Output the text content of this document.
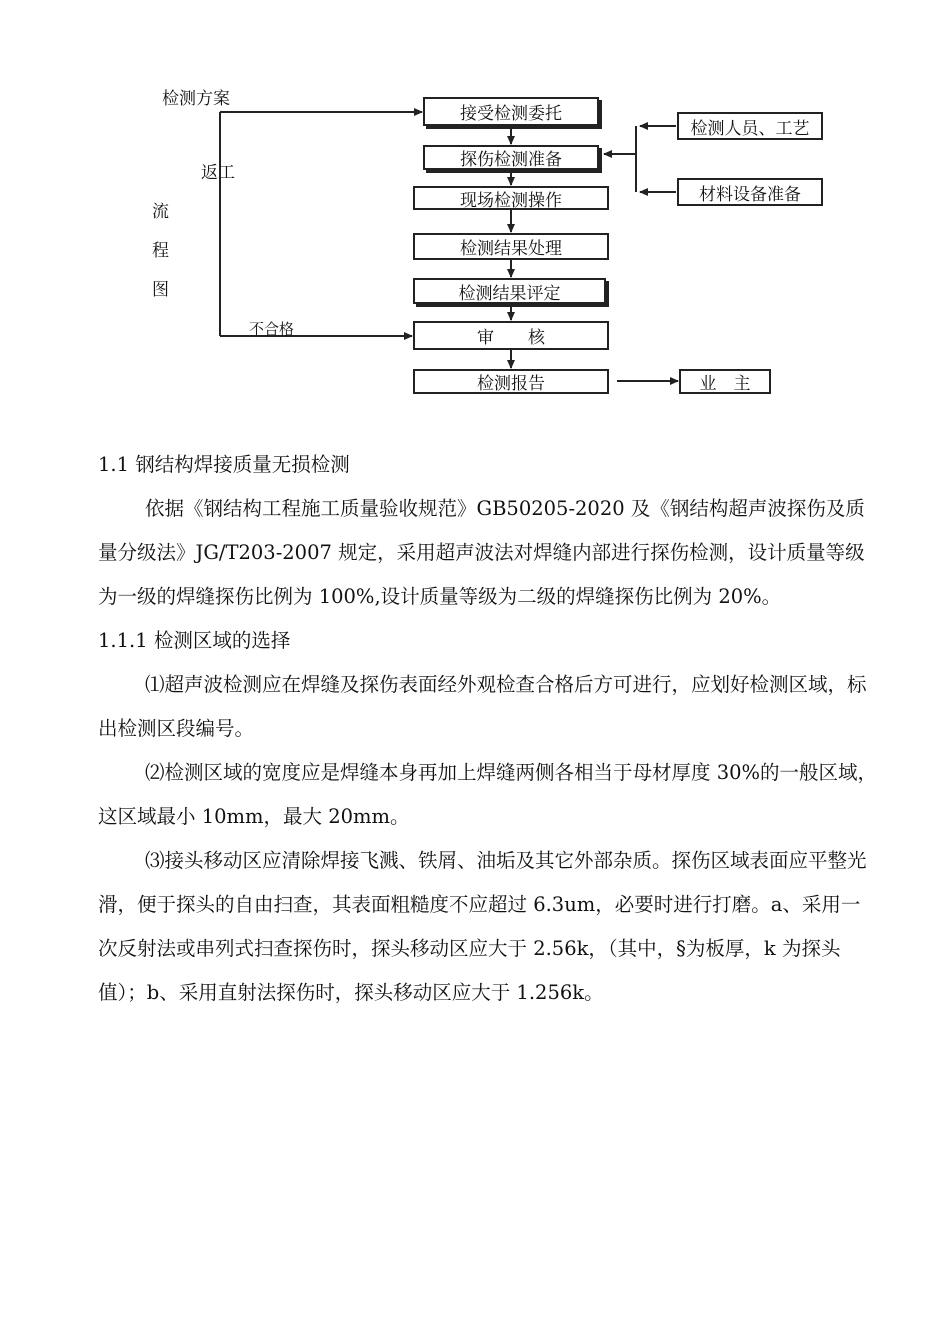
检测方案
返工
流
程
图
不合格
接受检测委托
探伤检测准备
现场检测操作
检测结果处理
检测结果评定
审　　核
检测报告
检测人员、工艺
材料设备准备
业　主

1.1 钢结构焊接质量无损检测

依据《钢结构工程施工质量验收规范》GB50205-2020 及《钢结构超声波探伤及质量分级法》JG/T203-2007 规定，采用超声波法对焊缝内部进行探伤检测，设计质量等级为一级的焊缝探伤比例为 100%,设计质量等级为二级的焊缝探伤比例为 20%。

1.1.1 检测区域的选择

⑴超声波检测应在焊缝及探伤表面经外观检查合格后方可进行，应划好检测区域，标出检测区段编号。

⑵检测区域的宽度应是焊缝本身再加上焊缝两侧各相当于母材厚度 30%的一般区域，这区域最小 10mm，最大 20mm。

⑶接头移动区应清除焊接飞溅、铁屑、油垢及其它外部杂质。探伤区域表面应平整光滑，便于探头的自由扫查，其表面粗糙度不应超过 6.3um，必要时进行打磨。a、采用一次反射法或串列式扫查探伤时，探头移动区应大于 2.56k，（其中，§为板厚，k 为探头值）；b、采用直射法探伤时，探头移动区应大于 1.256k。
